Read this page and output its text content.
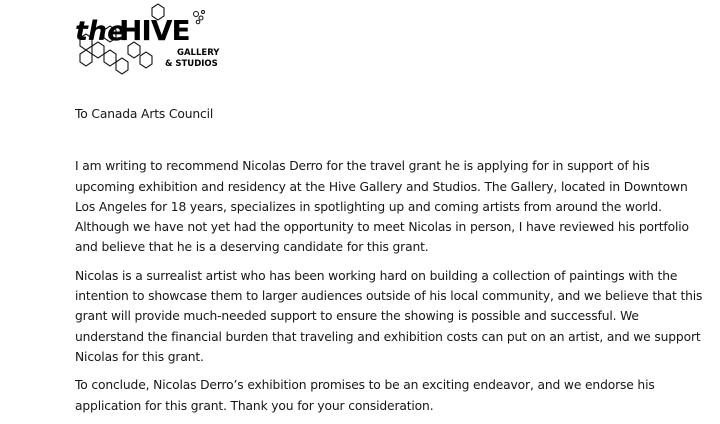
the
HIVE
GALLERY
& STUDIOS
To Canada Arts Council
I am writing to recommend Nicolas Derro for the travel grant he is applying for in support of his
upcoming exhibition and residency at the Hive Gallery and Studios. The Gallery, located in Downtown
Los Angeles for 18 years, specializes in spotlighting up and coming artists from around the world.
Although we have not yet had the opportunity to meet Nicolas in person, I have reviewed his portfolio
and believe that he is a deserving candidate for this grant.
Nicolas is a surrealist artist who has been working hard on building a collection of paintings with the
intention to showcase them to larger audiences outside of his local community, and we believe that this
grant will provide much-needed support to ensure the showing is possible and successful. We
understand the financial burden that traveling and exhibition costs can put on an artist, and we support
Nicolas for this grant.
To conclude, Nicolas Derro’s exhibition promises to be an exciting endeavor, and we endorse his
application for this grant. Thank you for your consideration.
